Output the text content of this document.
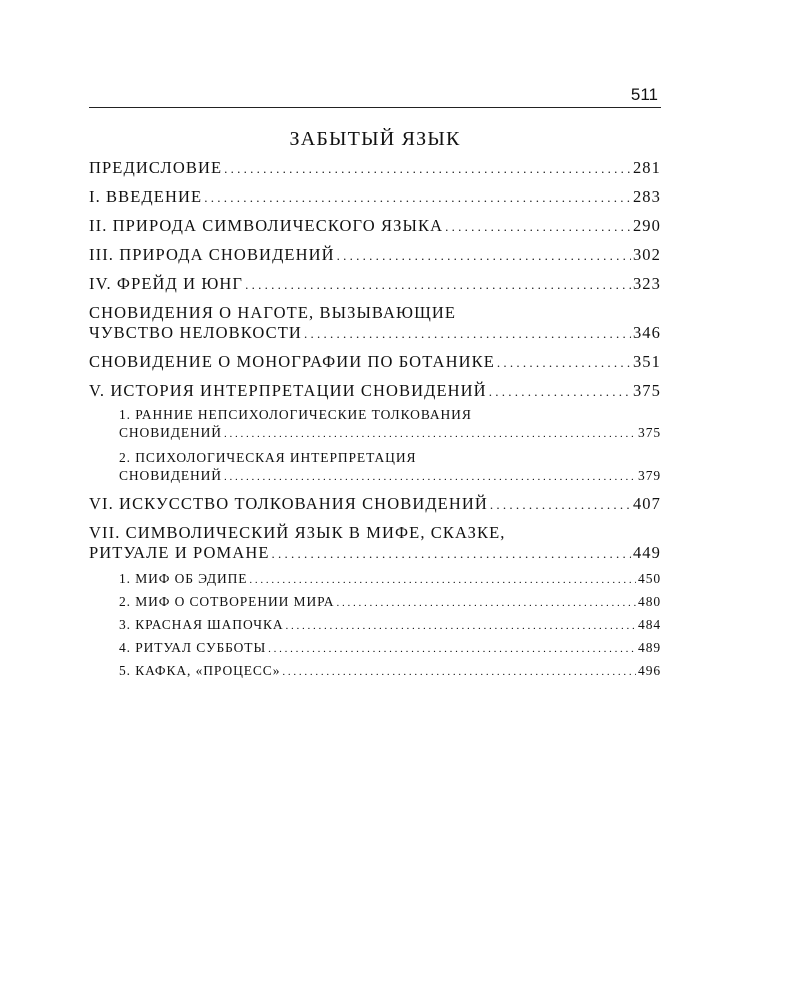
511
ЗАБЫТЫЙ ЯЗЫК
ПРЕДИСЛОВИЕ . . .	281
I. ВВЕДЕНИЕ . . .	283
II. ПРИРОДА СИМВОЛИЧЕСКОГО ЯЗЫКА . . .	290
III. ПРИРОДА СНОВИДЕНИЙ . . .	302
IV. ФРЕЙД И ЮНГ . . .	323
СНОВИДЕНИЯ О НАГОТЕ, ВЫЗЫВАЮЩИЕ
ЧУВСТВО НЕЛОВКОСТИ . . .	346
СНОВИДЕНИЕ О МОНОГРАФИИ ПО БОТАНИКЕ . . .	351
V. ИСТОРИЯ ИНТЕРПРЕТАЦИИ СНОВИДЕНИЙ . . .	375
1. РАННИЕ НЕПСИХОЛОГИЧЕСКИЕ ТОЛКОВАНИЯ
СНОВИДЕНИЙ . . .	375
2. ПСИХОЛОГИЧЕСКАЯ ИНТЕРПРЕТАЦИЯ
СНОВИДЕНИЙ . . .	379
VI. ИСКУССТВО ТОЛКОВАНИЯ СНОВИДЕНИЙ . . .	407
VII. СИМВОЛИЧЕСКИЙ ЯЗЫК В МИФЕ, СКАЗКЕ,
РИТУАЛЕ И РОМАНЕ . . .	449
1. МИФ ОБ ЭДИПЕ . . .	450
2. МИФ О СОТВОРЕНИИ МИРА . . .	480
3. КРАСНАЯ ШАПОЧКА . . .	484
4. РИТУАЛ СУББОТЫ . . .	489
5. КАФКА, «ПРОЦЕСС» . . .	496
